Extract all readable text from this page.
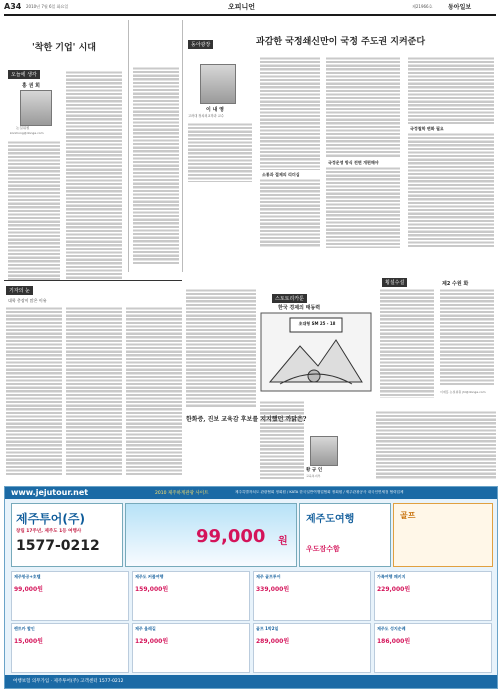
A34 2010년 7월 6일 화요일	오피니언	제21966호	동아일보
'착한 기업' 시대
오늘에 생각
홍 권 희
논설위원
konihong@donga.com
동아광장	과감한 국정쇄신만이 국정 주도권 지켜준다
이 내 영
고려대 정치외교학과 교수
소통과 절제의 리더십
국정운영 방식 전면 개편해야
국정철학 변화 필요
스토토리카툰
한국 경제의 태동력
초대형 SM 25 - 18
횡설수설	제2 수원 화
이재홍 논설위원 jhl@donga.com
황 규 인
교육복지부
기자의 눈
대학 총장이 많은 이유
한화증, 진보 교육감 후보를 지지했던 까닭은?
www.jejutour.net	2010 제주하계관광 사이트	제주특별자치도 관광협회 정회원 / KATA 한국일반여행업협회 정회원 / 제주관광공사 내국인면세점 협력업체
제주투어(주)
창립 17주년, 제주도 1등 여행사
1577-0212	99,000 원
제주도여행
우도잠수함
골프
제주항공+호텔
99,000원
제주도 커플여행
159,000원
제주 골프투어
339,000원
가족여행 패키지
229,000원
렌트카 할인
15,000원
제주 올레길
129,000원
골프 1박2일
289,000원
제주도 성지순례
186,000원
여행보험 의무가입 · 제주투어(주) 고객센터 1577-0212
